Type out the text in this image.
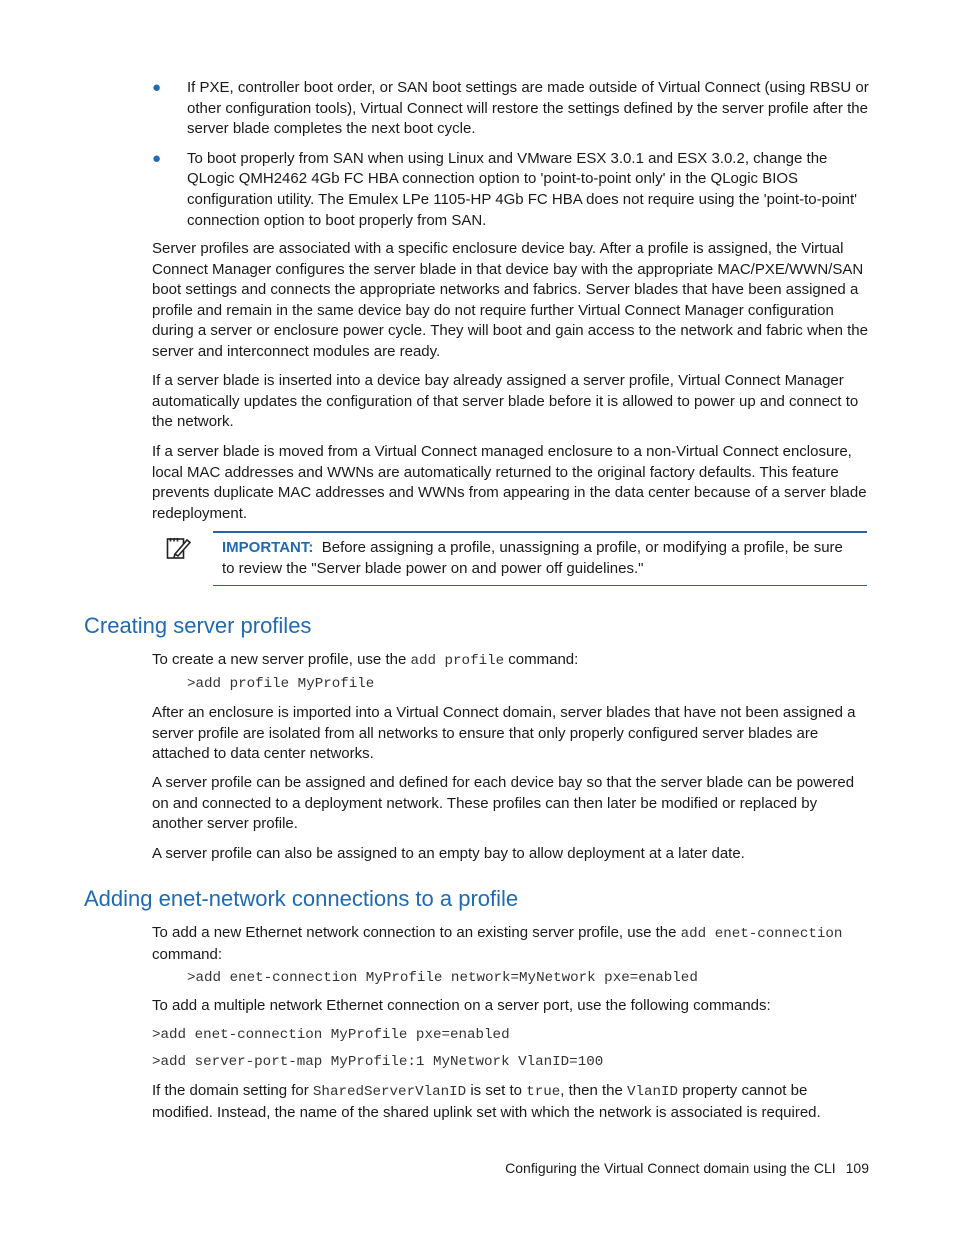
● If PXE, controller boot order, or SAN boot settings are made outside of Virtual Connect (using RBSU or other configuration tools), Virtual Connect will restore the settings defined by the server profile after the server blade completes the next boot cycle.
● To boot properly from SAN when using Linux and VMware ESX 3.0.1 and ESX 3.0.2, change the QLogic QMH2462 4Gb FC HBA connection option to 'point-to-point only' in the QLogic BIOS configuration utility. The Emulex LPe 1105-HP 4Gb FC HBA does not require using the 'point-to-point' connection option to boot properly from SAN.

Server profiles are associated with a specific enclosure device bay. After a profile is assigned, the Virtual Connect Manager configures the server blade in that device bay with the appropriate MAC/PXE/WWN/SAN boot settings and connects the appropriate networks and fabrics. Server blades that have been assigned a profile and remain in the same device bay do not require further Virtual Connect Manager configuration during a server or enclosure power cycle. They will boot and gain access to the network and fabric when the server and interconnect modules are ready.

If a server blade is inserted into a device bay already assigned a server profile, Virtual Connect Manager automatically updates the configuration of that server blade before it is allowed to power up and connect to the network.

If a server blade is moved from a Virtual Connect managed enclosure to a non-Virtual Connect enclosure, local MAC addresses and WWNs are automatically returned to the original factory defaults. This feature prevents duplicate MAC addresses and WWNs from appearing in the data center because of a server blade redeployment.

IMPORTANT: Before assigning a profile, unassigning a profile, or modifying a profile, be sure to review the "Server blade power on and power off guidelines."
Creating server profiles

To create a new server profile, use the add profile command:

>add profile MyProfile

After an enclosure is imported into a Virtual Connect domain, server blades that have not been assigned a server profile are isolated from all networks to ensure that only properly configured server blades are attached to data center networks.

A server profile can be assigned and defined for each device bay so that the server blade can be powered on and connected to a deployment network. These profiles can then later be modified or replaced by another server profile.

A server profile can also be assigned to an empty bay to allow deployment at a later date.

Adding enet-network connections to a profile

To add a new Ethernet network connection to an existing server profile, use the add enet-connection command:

>add enet-connection MyProfile network=MyNetwork pxe=enabled

To add a multiple network Ethernet connection on a server port, use the following commands:

>add enet-connection MyProfile pxe=enabled

>add server-port-map MyProfile:1 MyNetwork VlanID=100

If the domain setting for SharedServerVlanID is set to true, then the VlanID property cannot be modified. Instead, the name of the shared uplink set with which the network is associated is required.

Configuring the Virtual Connect domain using the CLI 109
